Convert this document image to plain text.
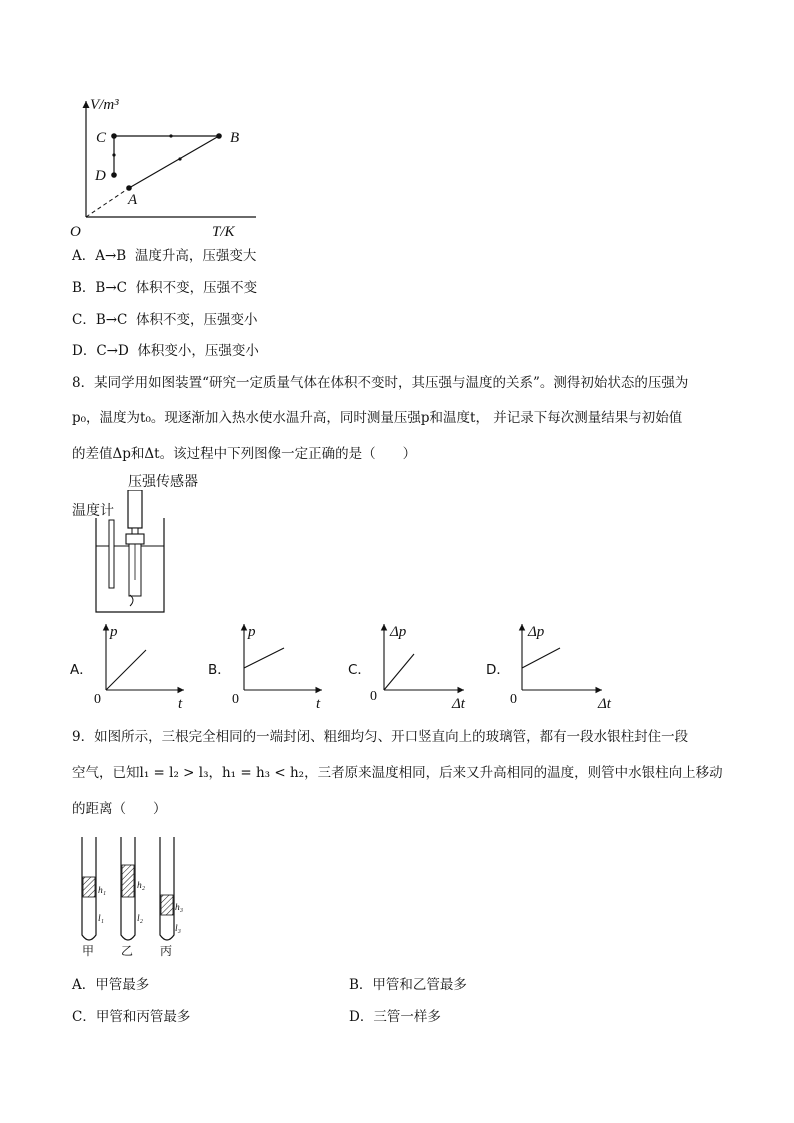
V/m³
T/K
O
A
B
C
D
A．A→B 温度升高，压强变大
B．B→C 体积不变，压强不变
C．B→C 体积不变，压强变小
D．C→D 体积变小，压强变小
8．某同学用如图装置“研究一定质量气体在体积不变时，其压强与温度的关系”。测得初始状态的压强为
p₀，温度为t₀。现逐渐加入热水使水温升高，同时测量压强p和温度t， 并记录下每次测量结果与初始值
的差值Δp和Δt。该过程中下列图像一定正确的是（　　）
压强传感器
温度计
A．
p
t
0
B．
p
t
0
C．
Δp
Δt
0
D．
Δp
Δt
0
9．如图所示，三根完全相同的一端封闭、粗细均匀、开口竖直向上的玻璃管，都有一段水银柱封住一段
空气，已知l₁ = l₂ > l₃，h₁ = h₃ < h₂，三者原来温度相同，后来又升高相同的温度，则管中水银柱向上移动
的距离（　　）
h₁
l₁
甲
h₂
l₂
乙
h₃
l₃
丙
A．甲管最多	B．甲管和乙管最多
C．甲管和丙管最多	D．三管一样多
